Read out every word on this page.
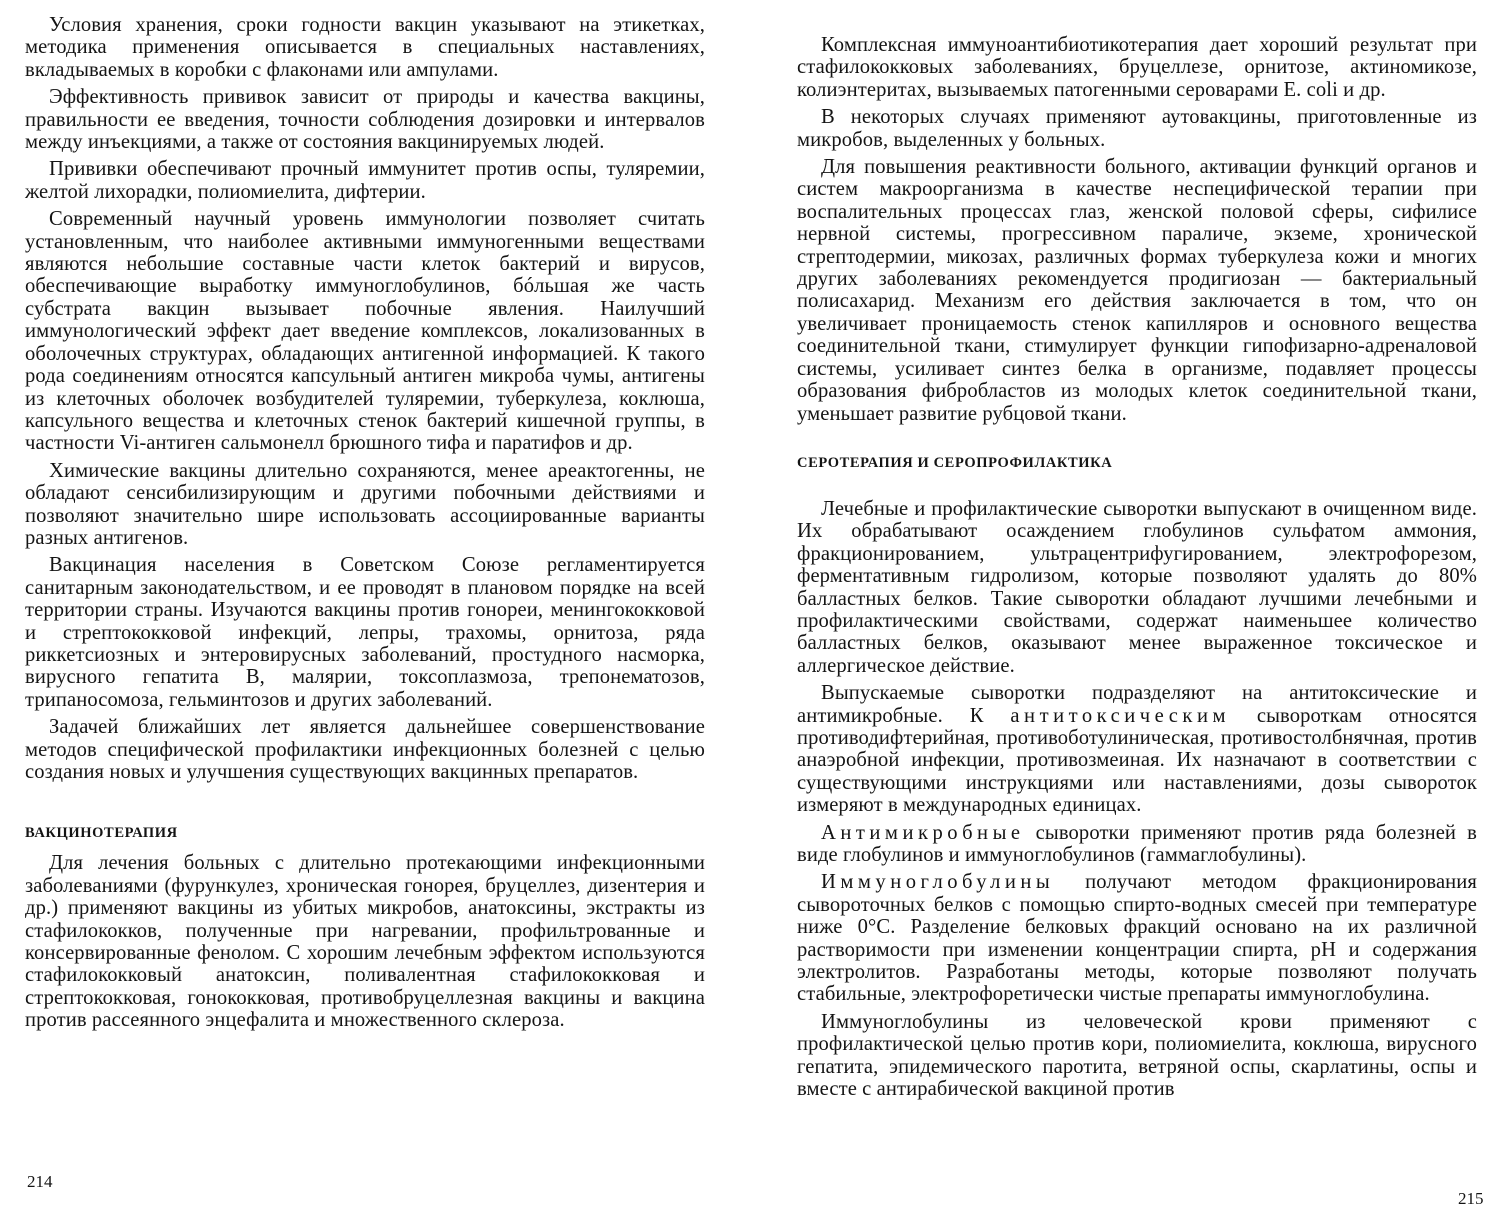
Условия хранения, сроки годности вакцин указывают на этикетках, методика применения описывается в специальных наставлениях, вкладываемых в коробки с флаконами или ампулами.

Эффективность прививок зависит от природы и качества вакцины, правильности ее введения, точности соблюдения дозировки и интервалов между инъекциями, а также от состояния вакцинируемых людей.

Прививки обеспечивают прочный иммунитет против оспы, туляремии, желтой лихорадки, полиомиелита, дифтерии.

Современный научный уровень иммунологии позволяет считать установленным, что наиболее активными иммуногенными веществами являются небольшие составные части клеток бактерий и вирусов, обеспечивающие выработку иммуноглобулинов, бóльшая же часть субстрата вакцин вызывает побочные явления. Наилучший иммунологический эффект дает введение комплексов, локализованных в оболочечных структурах, обладающих антигенной информацией. К такого рода соединениям относятся капсульный антиген микроба чумы, антигены из клеточных оболочек возбудителей туляремии, туберкулеза, коклюша, капсульного вещества и клеточных стенок бактерий кишечной группы, в частности Vi-антиген сальмонелл брюшного тифа и паратифов и др.

Химические вакцины длительно сохраняются, менее ареактогенны, не обладают сенсибилизирующим и другими побочными действиями и позволяют значительно шире использовать ассоциированные варианты разных антигенов.

Вакцинация населения в Советском Союзе регламентируется санитарным законодательством, и ее проводят в плановом порядке на всей территории страны. Изучаются вакцины против гонореи, менингококковой и стрептококковой инфекций, лепры, трахомы, орнитоза, ряда риккетсиозных и энтеровирусных заболеваний, простудного насморка, вирусного гепатита В, малярии, токсоплазмоза, трепонематозов, трипаносомоза, гельминтозов и других заболеваний.

Задачей ближайших лет является дальнейшее совершенствование методов специфической профилактики инфекционных болезней с целью создания новых и улучшения существующих вакцинных препаратов.

ВАКЦИНОТЕРАПИЯ

Для лечения больных с длительно протекающими инфекционными заболеваниями (фурункулез, хроническая гонорея, бруцеллез, дизентерия и др.) применяют вакцины из убитых микробов, анатоксины, экстракты из стафилококков, полученные при нагревании, профильтрованные и консервированные фенолом. С хорошим лечебным эффектом используются стафилококковый анатоксин, поливалентная стафилококковая и стрептококковая, гонококковая, противобруцеллезная вакцины и вакцина против рассеянного энцефалита и множественного склероза.

Комплексная иммуноантибиотикотерапия дает хороший результат при стафилококковых заболеваниях, бруцеллезе, орнитозе, актиномикозе, колиэнтеритах, вызываемых патогенными сероварами E. coli и др.

В некоторых случаях применяют аутовакцины, приготовленные из микробов, выделенных у больных.

Для повышения реактивности больного, активации функций органов и систем макроорганизма в качестве неспецифической терапии при воспалительных процессах глаз, женской половой сферы, сифилисе нервной системы, прогрессивном параличе, экземе, хронической стрептодермии, микозах, различных формах туберкулеза кожи и многих других заболеваниях рекомендуется продигиозан — бактериальный полисахарид. Механизм его действия заключается в том, что он увеличивает проницаемость стенок капилляров и основного вещества соединительной ткани, стимулирует функции гипофизарно-адреналовой системы, усиливает синтез белка в организме, подавляет процессы образования фибробластов из молодых клеток соединительной ткани, уменьшает развитие рубцовой ткани.

СЕРОТЕРАПИЯ И СЕРОПРОФИЛАКТИКА

Лечебные и профилактические сыворотки выпускают в очищенном виде. Их обрабатывают осаждением глобулинов сульфатом аммония, фракционированием, ультрацентрифугированием, электрофорезом, ферментативным гидролизом, которые позволяют удалять до 80% балластных белков. Такие сыворотки обладают лучшими лечебными и профилактическими свойствами, содержат наименьшее количество балластных белков, оказывают менее выраженное токсическое и аллергическое действие.

Выпускаемые сыворотки подразделяют на антитоксические и антимикробные. К антитоксическим сывороткам относятся противодифтерийная, противоботулиническая, противостолбнячная, против анаэробной инфекции, противозмеиная. Их назначают в соответствии с существующими инструкциями или наставлениями, дозы сывороток измеряют в международных единицах.

Антимикробные сыворотки применяют против ряда болезней в виде глобулинов и иммуноглобулинов (гаммаглобулины).

Иммуноглобулины получают методом фракционирования сывороточных белков с помощью спирто-водных смесей при температуре ниже 0°С. Разделение белковых фракций основано на их различной растворимости при изменении концентрации спирта, рН и содержания электролитов. Разработаны методы, которые позволяют получать стабильные, электрофоретически чистые препараты иммуноглобулина.

Иммуноглобулины из человеческой крови применяют с профилактической целью против кори, полиомиелита, коклюша, вирусного гепатита, эпидемического паротита, ветряной оспы, скарлатины, оспы и вместе с антирабической вакциной против

214
215
